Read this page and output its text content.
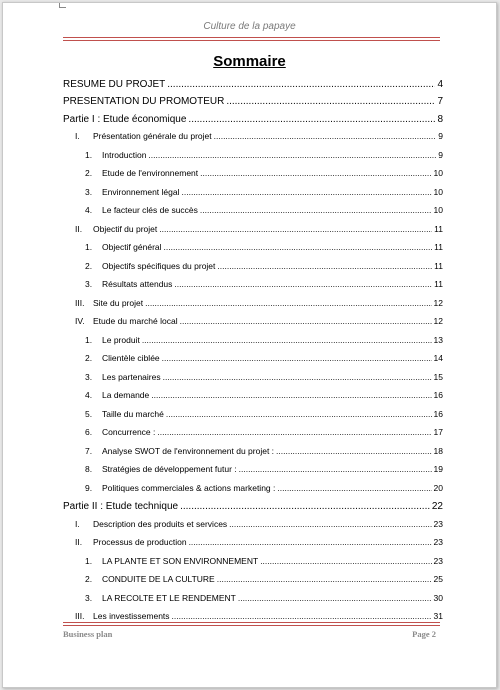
Culture de la papaye
Sommaire
RESUME DU PROJET .....	4
PRESENTATION DU PROMOTEUR .....	7
Partie I : Etude économique .....	8
I.	Présentation générale du projet .....	9
1.	Introduction .....	9
2.	Etude de l'environnement .....	10
3.	Environnement légal .....	10
4.	Le facteur clés de succès .....	10
II.	Objectif du projet .....	11
1.	Objectif général .....	11
2.	Objectifs spécifiques du projet .....	11
3.	Résultats attendus .....	11
III.	Site du projet .....	12
IV. Etude du marché local .....	12
1.	Le produit .....	13
2.	Clientèle ciblée .....	14
3.	Les partenaires .....	15
4.	La demande .....	16
5.	Taille du marché .....	16
6.	Concurrence : .....	17
7.	Analyse SWOT de l'environnement du projet : .....	18
8.	Stratégies de développement futur : .....	19
9.	Politiques commerciales & actions marketing : .....	20
Partie II : Etude technique .....	22
I.	Description des produits et services .....	23
II.	Processus de production .....	23
1.	LA PLANTE ET SON ENVIRONNEMENT .....	23
2.	CONDUITE DE LA CULTURE .....	25
3.	LA RECOLTE ET LE RENDEMENT .....	30
III.	Les investissements .....	31
Business plan	Page 2
